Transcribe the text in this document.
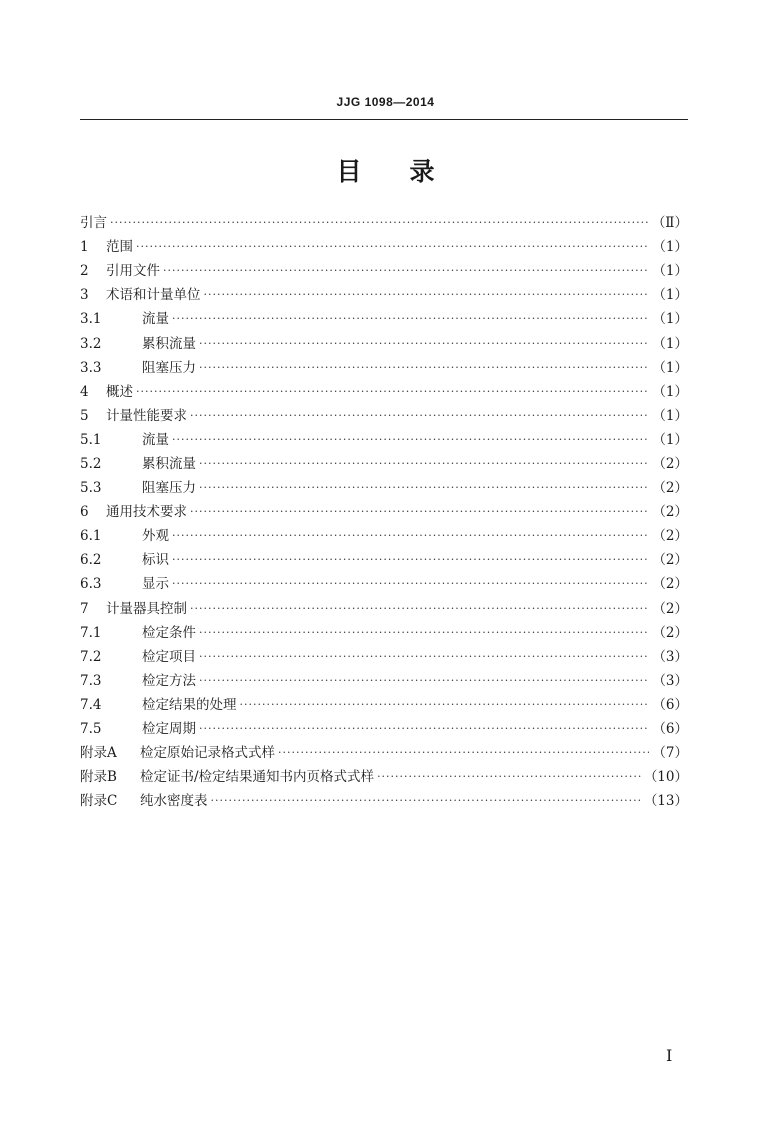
JJG 1098—2014
目 录
引言 ·····	（Ⅱ）
1	范围 ·····	（1）
2	引用文件 ·····	（1）
3	术语和计量单位 ·····	（1）
3.1	流量 ·····	（1）
3.2	累积流量 ·····	（1）
3.3	阻塞压力 ·····	（1）
4	概述 ·····	（1）
5	计量性能要求 ·····	（1）
5.1	流量 ·····	（1）
5.2	累积流量 ·····	（2）
5.3	阻塞压力 ·····	（2）
6	通用技术要求 ·····	（2）
6.1	外观 ·····	（2）
6.2	标识 ·····	（2）
6.3	显示 ·····	（2）
7	计量器具控制 ·····	（2）
7.1	检定条件 ·····	（2）
7.2	检定项目 ·····	（3）
7.3	检定方法 ·····	（3）
7.4	检定结果的处理 ·····	（6）
7.5	检定周期 ·····	（6）
附录A	检定原始记录格式式样 ·····	（7）
附录B	检定证书/检定结果通知书内页格式式样 ·····	（10）
附录C	纯水密度表 ·····	（13）
I
